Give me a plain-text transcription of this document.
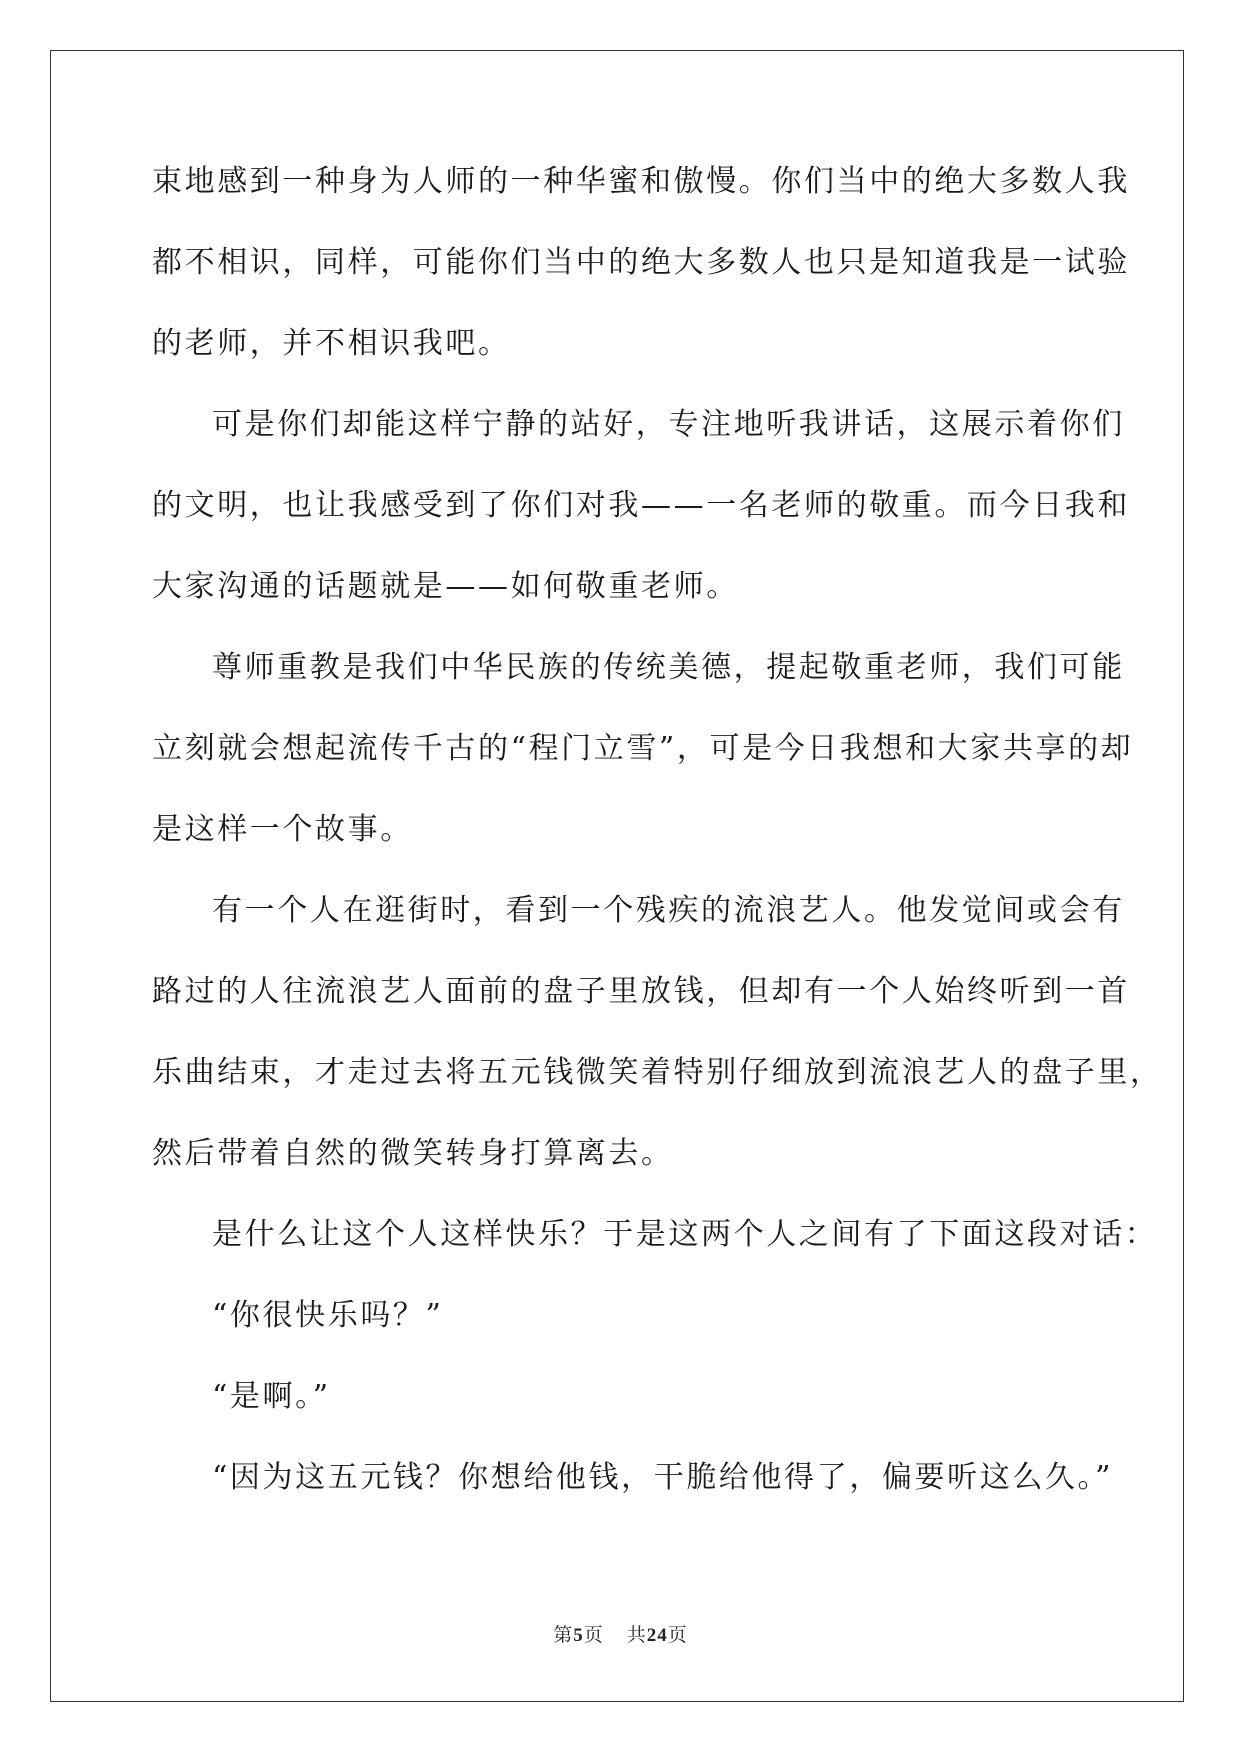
束地感到一种身为人师的一种华蜜和傲慢。你们当中的绝大多数人我
都不相识，同样，可能你们当中的绝大多数人也只是知道我是一试验
的老师，并不相识我吧。
可是你们却能这样宁静的站好，专注地听我讲话，这展示着你们
的文明，也让我感受到了你们对我——一名老师的敬重。而今日我和
大家沟通的话题就是——如何敬重老师。
尊师重教是我们中华民族的传统美德，提起敬重老师，我们可能
立刻就会想起流传千古的“程门立雪”，可是今日我想和大家共享的却
是这样一个故事。
有一个人在逛街时，看到一个残疾的流浪艺人。他发觉间或会有
路过的人往流浪艺人面前的盘子里放钱，但却有一个人始终听到一首
乐曲结束，才走过去将五元钱微笑着特别仔细放到流浪艺人的盘子里，
然后带着自然的微笑转身打算离去。
是什么让这个人这样快乐？于是这两个人之间有了下面这段对话：
“你很快乐吗？”
“是啊。”
“因为这五元钱？你想给他钱，干脆给他得了，偏要听这么久。”
第5页 共24页
